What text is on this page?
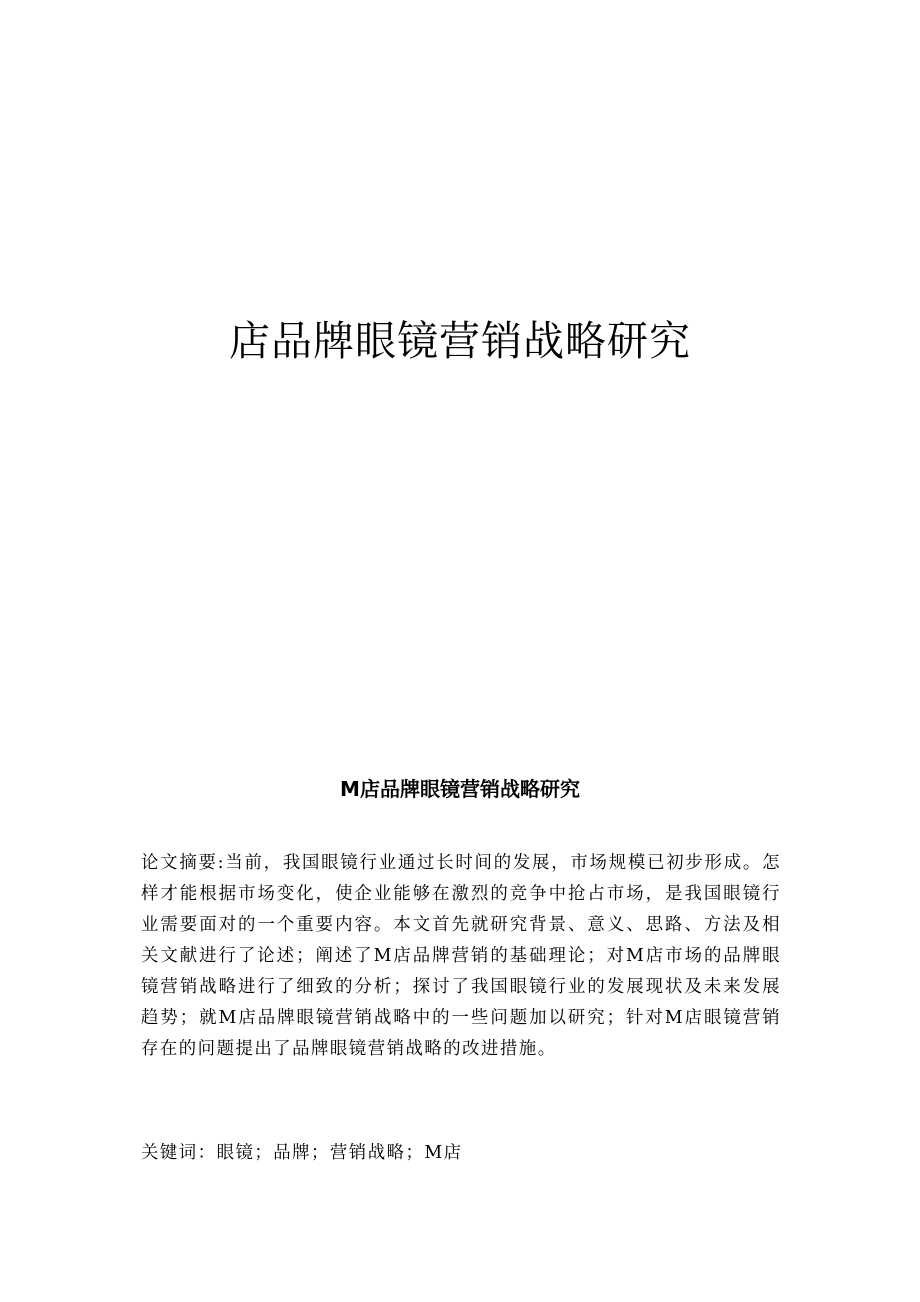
店品牌眼镜营销战略研究
M店品牌眼镜营销战略研究

论文摘要:当前，我国眼镜行业通过长时间的发展，市场规模已初步形成。怎样才能根据市场变化，使企业能够在激烈的竞争中抢占市场，是我国眼镜行业需要面对的一个重要内容。本文首先就研究背景、意义、思路、方法及相关文献进行了论述；阐述了M店品牌营销的基础理论；对M店市场的品牌眼镜营销战略进行了细致的分析；探讨了我国眼镜行业的发展现状及未来发展趋势；就M店品牌眼镜营销战略中的一些问题加以研究；针对M店眼镜营销存在的问题提出了品牌眼镜营销战略的改进措施。

关键词：眼镜；品牌；营销战略；M店
